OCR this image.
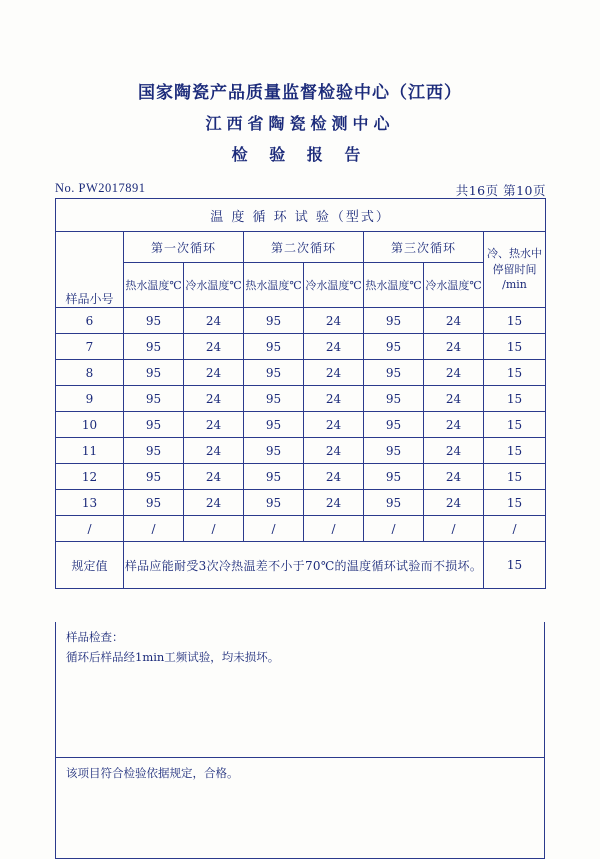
国家陶瓷产品质量监督检验中心（江西）
江西省陶瓷检测中心
检 验 报 告
No. PW2017891	共16页 第10页
温 度 循 环 试 验（型式）							
样品小号	第一次循环		第二次循环		第三次循环		冷、热水中
停留时间
/min

	热水温度℃	冷水温度℃	热水温度℃	冷水温度℃	热水温度℃	冷水温度℃	
6	95	24	95	24	95	24	15
7	95	24	95	24	95	24	15
8	95	24	95	24	95	24	15
9	95	24	95	24	95	24	15
10	95	24	95	24	95	24	15
11	95	24	95	24	95	24	15
12	95	24	95	24	95	24	15
13	95	24	95	24	95	24	15
/	/	/	/	/	/	/	/
规定值	样品应能耐受3次冷热温差不小于70℃的温度循环试验而不损坏。						15
样品检查：
循环后样品经1min工频试验，均未损坏。
该项目符合检验依据规定，合格。
